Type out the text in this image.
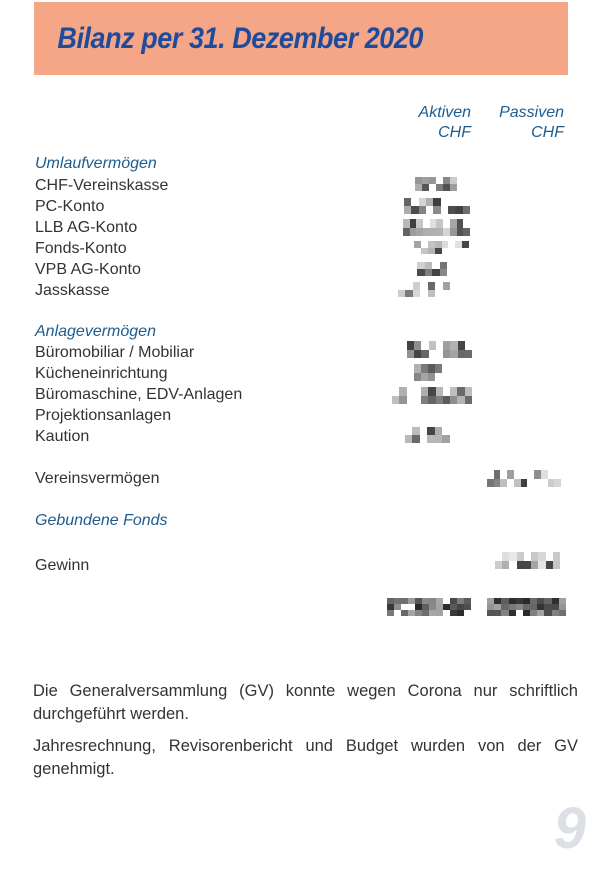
Bilanz per 31. Dezember 2020
Aktiven
CHF
Passiven
CHF
Umlaufvermögen
CHF-Vereinskasse
PC-Konto
LLB AG-Konto
Fonds-Konto
VPB AG-Konto
Jasskasse
Anlagevermögen
Büromobiliar / Mobiliar
Kücheneinrichtung
Büromaschine, EDV-Anlagen
Projektionsanlagen
Kaution
Vereinsvermögen
Gebundene Fonds
Gewinn

Die Generalversammlung (GV) konnte wegen Corona nur schriftlich durchgeführt werden.

Jahresrechnung, Revisorenbericht und Budget wurden von der GV genehmigt.

9
